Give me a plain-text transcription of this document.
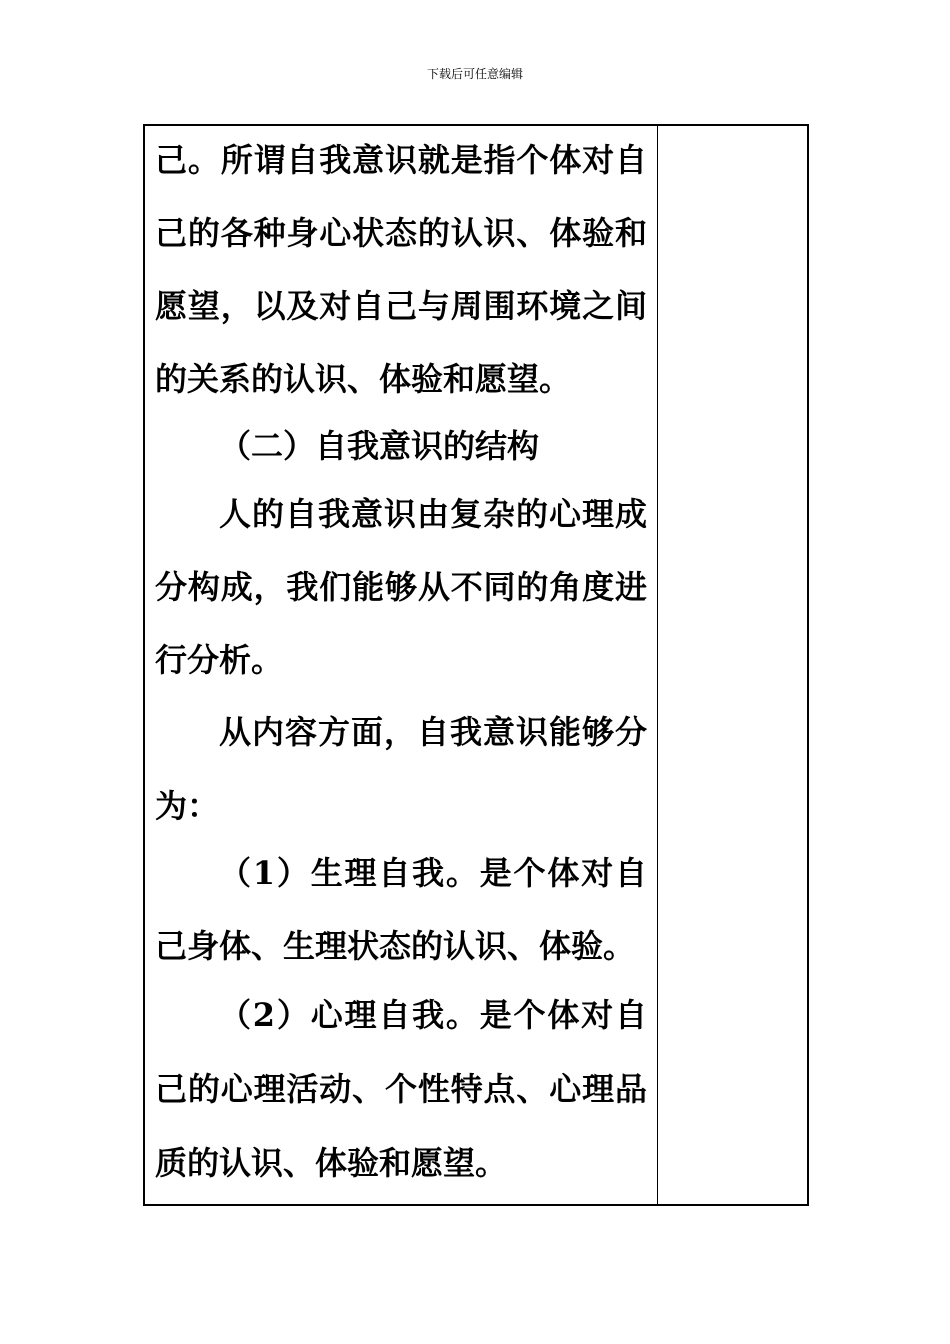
下载后可任意编辑
己。所谓自我意识就是指个体对自
己的各种身心状态的认识、体验和
愿望，以及对自己与周围环境之间
的关系的认识、体验和愿望。
（二）自我意识的结构
人的自我意识由复杂的心理成
分构成，我们能够从不同的角度进
行分析。
从内容方面，自我意识能够分
为：
（1）生理自我。是个体对自
己身体、生理状态的认识、体验。
（2）心理自我。是个体对自
己的心理活动、个性特点、心理品
质的认识、体验和愿望。
